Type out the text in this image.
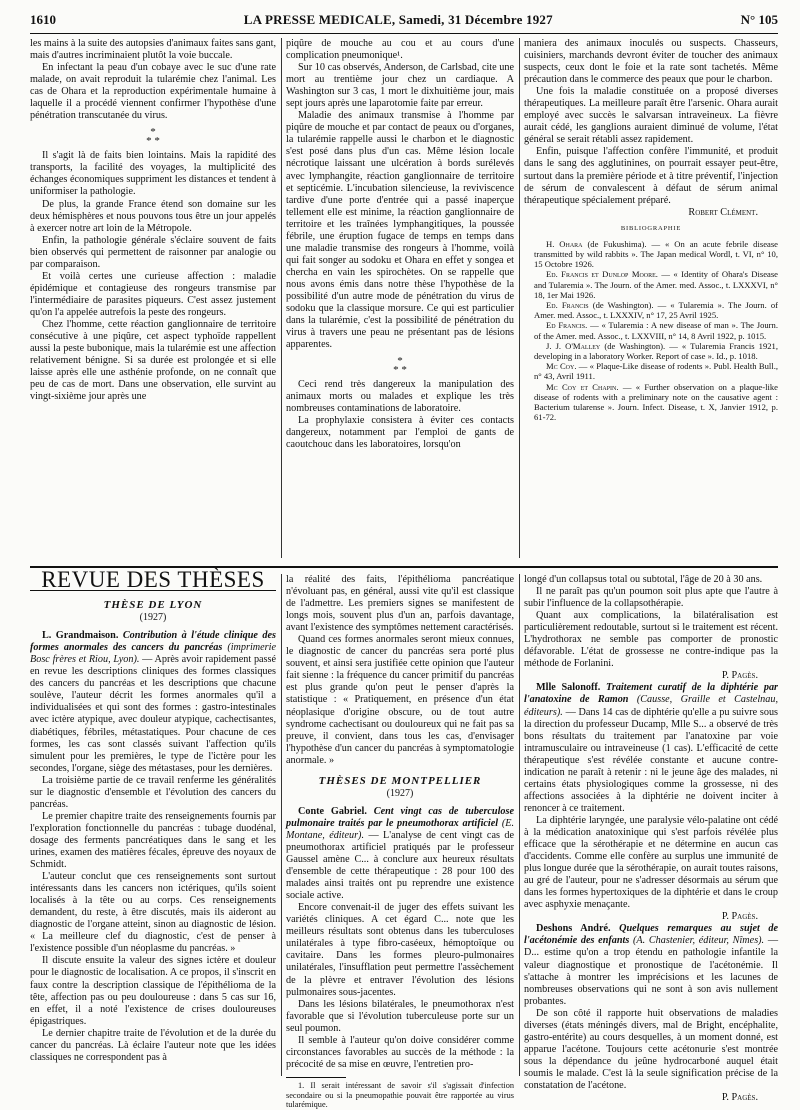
1610	LA PRESSE MEDICALE, Samedi, 31 Décembre 1927	N° 105

les mains à la suite des autopsies d'animaux faites sans gant, mais d'autres incriminaient plutôt la voie buccale.

En infectant la peau d'un cobaye avec le suc d'une rate malade, on avait reproduit la tularémie chez l'animal. Les cas de Ohara et la reproduction expérimentale humaine à laquelle il a procédé viennent confirmer l'hypothèse d'une pénétration transcutanée du virus.

*
* *

Il s'agit là de faits bien lointains. Mais la rapidité des transports, la facilité des voyages, la multiplicité des échanges économiques suppriment les distances et tendent à uniformiser la pathologie.

De plus, la grande France étend son domaine sur les deux hémisphères et nous pouvons tous être un jour appelés à exercer notre art loin de la Métropole.

Enfin, la pathologie générale s'éclaire souvent de faits bien observés qui permettent de raisonner par analogie ou par comparaison.

Et voilà certes une curieuse affection : maladie épidémique et contagieuse des rongeurs transmise par l'intermédiaire de parasites piqueurs. C'est assez justement qu'on l'a appelée autrefois la peste des rongeurs.

Chez l'homme, cette réaction ganglionnaire de territoire consécutive à une piqûre, cet aspect typhoïde rappellent aussi la peste bubonique, mais la tularémie est une affection relativement bénigne. Si sa durée est prolongée et si elle laisse après elle une asthénie profonde, on ne connaît que peu de cas de mort. Dans une observation, elle survint au vingt-sixième jour après une

piqûre de mouche au cou et au cours d'une complication pneumonique¹.

Sur 10 cas observés, Anderson, de Carlsbad, cite une mort au trentième jour chez un cardiaque. A Washington sur 3 cas, 1 mort le dixhuitième jour, mais sept jours après une laparotomie faite par erreur.

Maladie des animaux transmise à l'homme par piqûre de mouche et par contact de peaux ou d'organes, la tularémie rappelle aussi le charbon et le diagnostic s'est posé dans plus d'un cas. Même lésion locale nécrotique laissant une ulcération à bords surélevés avec lymphangite, réaction ganglionnaire de territoire et septicémie. L'incubation silencieuse, la reviviscence tardive d'une porte d'entrée qui a passé inaperçue tellement elle est minime, la réaction ganglionnaire de territoire et les traînées lymphangitiques, la poussée fébrile, une éruption fugace de temps en temps dans une maladie transmise des rongeurs à l'homme, voilà qui fait songer au sodoku et Ohara en effet y songea et chercha en vain les spirochètes. On se rappelle que nous avons émis dans notre thèse l'hypothèse de la possibilité d'un autre mode de pénétration du virus de sodoku que la classique morsure. Ce qui est particulier dans la tularémie, c'est la possibilité de pénétration du virus à travers une peau ne présentant pas de lésions apparentes.

*
* *

Ceci rend très dangereux la manipulation des animaux morts ou malades et explique les très nombreuses contaminations de laboratoire.

La prophylaxie consistera à éviter ces contacts dangereux, notamment par l'emploi de gants de caoutchouc dans les laboratoires, lorsqu'on

maniera des animaux inoculés ou suspects. Chasseurs, cuisiniers, marchands devront éviter de toucher des animaux suspects, ceux dont le foie et la rate sont tachetés. Même précaution dans le commerce des peaux que pour le charbon.

Une fois la maladie constituée on a proposé diverses thérapeutiques. La meilleure paraît être l'arsenic. Ohara aurait employé avec succès le salvarsan intraveineux. La fièvre aurait cédé, les ganglions auraient diminué de volume, l'état général se serait rétabli assez rapidement.

Enfin, puisque l'affection confère l'immunité, et produit dans le sang des agglutinines, on pourrait essayer peut-être, surtout dans la première période et à titre préventif, l'injection de sérum de convalescent à défaut de sérum animal thérapeutique spécialement préparé.

Robert Clément.
BIBLIOGRAPHIE

H. Ohara (de Fukushima). — « On an acute febrile disease transmitted by wild rabbits ». The Japan medical Wordl, t. VI, n° 10, 15 Octobre 1926.

Ed. Francis et Dunlop Moore. — « Identity of Ohara's Disease and Tularemia ». The Journ. of the Amer. med. Assoc., t. LXXXVI, n° 18, 1er Mai 1926.

Ed. Francis (de Washington). — « Tularemia ». The Journ. of Amer. med. Assoc., t. LXXXIV, n° 17, 25 Avril 1925.

Ed Francis. — « Tularemia : A new disease of man ». The Journ. of the Amer. med. Assoc., t. LXXVIII, n° 14, 8 Avril 1922, p. 1015.

J. J. O'Malley (de Washington). — « Tularemia Francis 1921, developing in a laboratory Worker. Report of case ». Id., p. 1018.

Mc Coy. — « Plaque-Like disease of rodents ». Publ. Health Bull., n° 43, Avril 1911.

Mc Coy et Chapin. — « Further observation on a plaque-like disease of rodents with a preliminary note on the causative agent : Bacterium tularense ». Journ. Infect. Disease, t. X, Janvier 1912, p. 61-72.

REVUE DES THÈSES
THÈSE DE LYON
(1927)

L. Grandmaison. Contribution à l'étude clinique des formes anormales des cancers du pancréas (imprimerie Bosc frères et Riou, Lyon). — Après avoir rapidement passé en revue les descriptions cliniques des formes classiques des cancers du pancréas et les descriptions que chacune soulève, l'auteur décrit les formes anormales qu'il a individualisées et qui sont des formes : gastro-intestinales avec ictère atypique, avec douleur atypique, cachectisantes, diabétiques, fébriles, métastatiques. Pour chacune de ces formes, les cas sont classés suivant l'affection qu'ils simulent pour les premières, le type de l'ictère pour les secondes, l'organe, siège des métastases, pour les dernières.

La troisième partie de ce travail renferme les généralités sur le diagnostic d'ensemble et l'évolution des cancers du pancréas.

Le premier chapitre traite des renseignements fournis par l'exploration fonctionnelle du pancréas : tubage duodénal, dosage des ferments pancréatiques dans le sang et les urines, examen des matières fécales, épreuve des noyaux de Schmidt.

L'auteur conclut que ces renseignements sont surtout intéressants dans les cancers non ictériques, qu'ils soient localisés à la tête ou au corps. Ces renseignements demandent, du reste, à être discutés, mais ils aideront au diagnostic de l'organe atteint, sinon au diagnostic de lésion. « La meilleure clef du diagnostic, c'est de penser à l'existence possible d'un néoplasme du pancréas. »

Il discute ensuite la valeur des signes ictère et douleur pour le diagnostic de localisation. A ce propos, il s'inscrit en faux contre la description classique de l'épithélioma de la tête, affection pas ou peu douloureuse : dans 5 cas sur 16, en effet, il a noté l'existence de crises douloureuses épigastriques.

Le dernier chapitre traite de l'évolution et de la durée du cancer du pancréas. Là éclaire l'auteur note que les idées classiques ne correspondent pas à

la réalité des faits, l'épithélioma pancréatique n'évoluant pas, en général, aussi vite qu'il est classique de l'admettre. Les premiers signes se manifestent de longs mois, souvent plus d'un an, parfois davantage, avant l'existence des symptômes nettement caractérisés.

Quand ces formes anormales seront mieux connues, le diagnostic de cancer du pancréas sera porté plus souvent, et ainsi sera justifiée cette opinion que l'auteur fait sienne : la fréquence du cancer primitif du pancréas est plus grande qu'on peut le penser d'après la statistique : « Pratiquement, en présence d'un état néoplasique d'origine obscure, ou de tout autre syndrome cachectisant ou douloureux qui ne fait pas sa preuve, il convient, dans tous les cas, d'envisager l'hypothèse d'un cancer du pancréas à symptomatologie anormale. »

THÈSES DE MONTPELLIER
(1927)

Conte Gabriel. Cent vingt cas de tuberculose pulmonaire traités par le pneumothorax artificiel (E. Montane, éditeur). — L'analyse de cent vingt cas de pneumothorax artificiel pratiqués par le professeur Gaussel amène C... à conclure aux heureux résultats d'ensemble de cette thérapeutique : 28 pour 100 des malades ainsi traités ont pu reprendre une existence sociale active.

Encore convenait-il de juger des effets suivant les variétés cliniques. A cet égard C... note que les meilleurs résultats sont obtenus dans les tuberculoses unilatérales à type fibro-caséeux, hémoptoïque ou cavitaire. Dans les formes pleuro-pulmonaires unilatérales, l'insufflation peut permettre l'assèchement de la plèvre et entraver l'évolution des lésions pulmonaires sous-jacentes.

Dans les lésions bilatérales, le pneumothorax n'est favorable que si l'évolution tuberculeuse porte sur un seul poumon.

Il semble à l'auteur qu'on doive considérer comme circonstances favorables au succès de la méthode : la précocité de sa mise en œuvre, l'entretien pro-

1. Il serait intéressant de savoir s'il s'agissait d'infection secondaire ou si la pneumopathie pouvait être rapportée au virus tularémique.

longé d'un collapsus total ou subtotal, l'âge de 20 à 30 ans.

Il ne paraît pas qu'un poumon soit plus apte que l'autre à subir l'influence de la collapsothérapie.

Quant aux complications, la bilatéralisation est particulièrement redoutable, surtout si le traitement est récent. L'hydrothorax ne semble pas comporter de pronostic défavorable. L'état de grossesse ne contre-indique pas la méthode de Forlanini.

P. Pagès.

Mlle Salonoff. Traitement curatif de la diphtérie par l'anatoxine de Ramon (Causse, Graille et Castelnau, éditeurs). — Dans 14 cas de diphtérie qu'elle a pu suivre sous la direction du professeur Ducamp, Mlle S... a observé de très bons résultats du traitement par l'anatoxine par voie intramusculaire ou intraveineuse (1 cas). L'efficacité de cette thérapeutique s'est révélée constante et aucune contre-indication ne paraît à retenir : ni le jeune âge des malades, ni certains états physiologiques comme la grossesse, ni des affections associées à la diphtérie ne doivent inciter à renoncer à ce traitement.

La diphtérie laryngée, une paralysie vélo-palatine ont cédé à la médication anatoxinique qui s'est parfois révélée plus efficace que la sérothérapie et ne détermine en aucun cas d'accidents. Comme elle confère au surplus une immunité de plus longue durée que la sérothérapie, on aurait toutes raisons, au gré de l'auteur, pour ne s'adresser désormais au sérum que dans les formes hypertoxiques de la diphtérie et dans le croup avec asphyxie menaçante.

P. Pagès.

Deshons André. Quelques remarques au sujet de l'acétonémie des enfants (A. Chastenier, éditeur, Nîmes). — D... estime qu'on a trop étendu en pathologie infantile la valeur diagnostique et pronostique de l'acétonémie. Il s'attache à montrer les imprécisions et les lacunes de nombreuses observations qui ne sont à son avis nullement probantes.

De son côté il rapporte huit observations de maladies diverses (états méningés divers, mal de Bright, encéphalite, gastro-entérite) au cours desquelles, à un moment donné, est apparue l'acétone. Toujours cette acétonurie s'est montrée sous la dépendance du jeûne hydrocarboné auquel était soumis le malade. C'est là la seule signification précise de la constatation de l'acétone.

P. Pagès.
